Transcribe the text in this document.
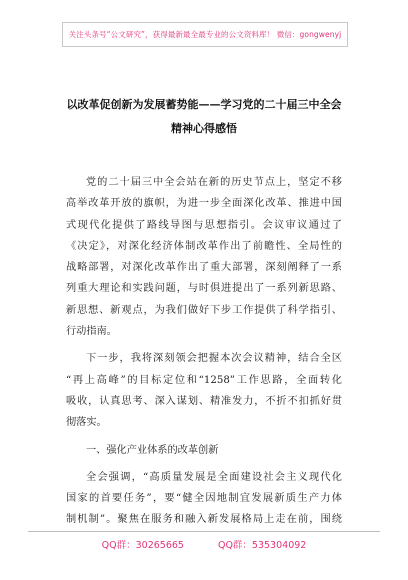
关注头条号“公文研究”，获得最新最全最专业的公文资料库！ 微信：gongwenyj
以改革促创新为发展蓄势能——学习党的二十届三中全会
精神心得感悟
党的二十届三中全会站在新的历史节点上，坚定不移
高举改革开放的旗帜，为进一步全面深化改革、推进中国
式现代化提供了路线导图与思想指引。会议审议通过了
《决定》，对深化经济体制改革作出了前瞻性、全局性的
战略部署，对深化改革作出了重大部署，深刻阐释了一系
列重大理论和实践问题，与时俱进提出了一系列新思路、
新思想、新观点，为我们做好下步工作提供了科学指引、
行动指南。
下一步，我将深刻领会把握本次会议精神，结合全区
“再上高峰”的目标定位和“1258”工作思路，全面转化
吸收，认真思考、深入谋划、精准发力，不折不扣抓好贯
彻落实。
一、强化产业体系的改革创新
全会强调，“高质量发展是全面建设社会主义现代化
国家的首要任务”，要“健全因地制宜发展新质生产力体
制机制”。聚焦在服务和融入新发展格局上走在前，围绕
QQ群：30265665	QQ群：535304092
